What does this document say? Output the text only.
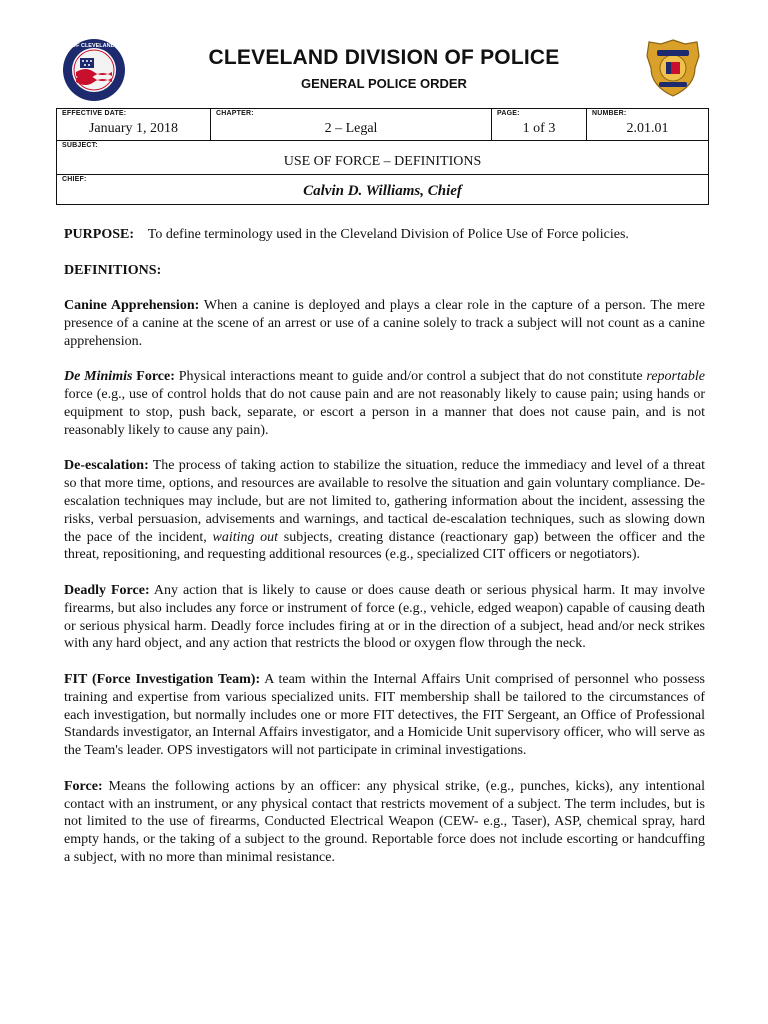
CITY OF CLEVELAND OHIO	CLEVELAND DIVISION OF POLICE
GENERAL POLICE ORDER
EFFECTIVE DATE:
January 1, 2018
CHAPTER:
2 – Legal
PAGE:
1 of 3
NUMBER:
2.01.01
SUBJECT:
USE OF FORCE – DEFINITIONS
CHIEF:
Calvin D. Williams, Chief

PURPOSE: To define terminology used in the Cleveland Division of Police Use of Force policies.

DEFINITIONS:

Canine Apprehension: When a canine is deployed and plays a clear role in the capture of a person. The mere presence of a canine at the scene of an arrest or use of a canine solely to track a subject will not count as a canine apprehension.

De Minimis Force: Physical interactions meant to guide and/or control a subject that do not constitute reportable force (e.g., use of control holds that do not cause pain and are not reasonably likely to cause pain; using hands or equipment to stop, push back, separate, or escort a person in a manner that does not cause pain, and is not reasonably likely to cause any pain).

De-escalation: The process of taking action to stabilize the situation, reduce the immediacy and level of a threat so that more time, options, and resources are available to resolve the situation and gain voluntary compliance. De-escalation techniques may include, but are not limited to, gathering information about the incident, assessing the risks, verbal persuasion, advisements and warnings, and tactical de-escalation techniques, such as slowing down the pace of the incident, waiting out subjects, creating distance (reactionary gap) between the officer and the threat, repositioning, and requesting additional resources (e.g., specialized CIT officers or negotiators).

Deadly Force: Any action that is likely to cause or does cause death or serious physical harm. It may involve firearms, but also includes any force or instrument of force (e.g., vehicle, edged weapon) capable of causing death or serious physical harm. Deadly force includes firing at or in the direction of a subject, head and/or neck strikes with any hard object, and any action that restricts the blood or oxygen flow through the neck.

FIT (Force Investigation Team): A team within the Internal Affairs Unit comprised of personnel who possess training and expertise from various specialized units. FIT membership shall be tailored to the circumstances of each investigation, but normally includes one or more FIT detectives, the FIT Sergeant, an Office of Professional Standards investigator, an Internal Affairs investigator, and a Homicide Unit supervisory officer, who will serve as the Team's leader. OPS investigators will not participate in criminal investigations.

Force: Means the following actions by an officer: any physical strike, (e.g., punches, kicks), any intentional contact with an instrument, or any physical contact that restricts movement of a subject. The term includes, but is not limited to the use of firearms, Conducted Electrical Weapon (CEW- e.g., Taser), ASP, chemical spray, hard empty hands, or the taking of a subject to the ground. Reportable force does not include escorting or handcuffing a subject, with no more than minimal resistance.
